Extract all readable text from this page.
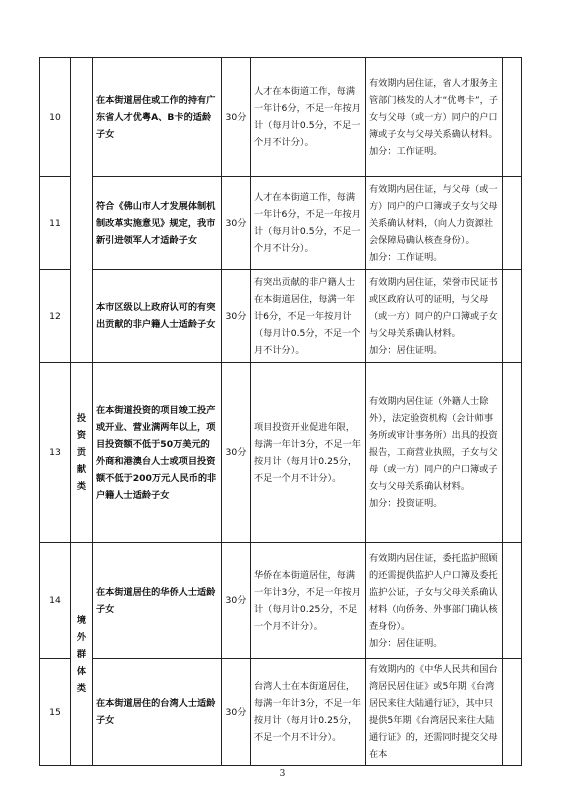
10		在本街道居住或工作的持有广东省人才优粤A、B卡的适龄子女	30分	人才在本街道工作，每满一年计6分，不足一年按月计（每月计0.5分，不足一个月不计分）。	有效期内居住证，省人才服务主管部门核发的人才“优粤卡”，子女与父母（或一方）同户的户口簿或子女与父母关系确认材料。
加分：工作证明。	

11		符合《佛山市人才发展体制机制改革实施意见》规定，我市新引进领军人才适龄子女	30分	人才在本街道工作，每满一年计6分，不足一年按月计（每月计0.5分，不足一个月不计分）。	有效期内居住证，与父母（或一方）同户的户口簿或子女与父母关系确认材料，（向人力资源社会保障局确认核查身份）。
加分：工作证明。	

12		本市区级以上政府认可的有突出贡献的非户籍人士适龄子女	30分	有突出贡献的非户籍人士在本街道居住，每满一年计6分，不足一年按月计（每月计0.5分，不足一个月不计分）。	有效期内居住证，荣誉市民证书或区政府认可的证明，与父母（或一方）同户的户口簿或子女与父母关系确认材料。
加分：居住证明。	

13	投资贡献类	在本街道投资的项目竣工投产或开业、营业满两年以上，项目投资额不低于50万美元的外商和港澳台人士或项目投资额不低于200万元人民币的非户籍人士适龄子女	30分	项目投资开业促进年限，每满一年计3分，不足一年按月计（每月计0.25分，不足一个月不计分）。	有效期内居住证（外籍人士除外），法定验资机构（会计师事务所或审计事务所）出具的投资报告，工商营业执照，子女与父母（或一方）同户的户口簿或子女与父母关系确认材料。
加分：投资证明。	

14	境外群体类	在本街道居住的华侨人士适龄子女	30分	华侨在本街道居住，每满一年计3分，不足一年按月计（每月计0.25分，不足一个月不计分）。	有效期内居住证，委托监护照顾的还需提供监护人户口簿及委托监护公证，子女与父母关系确认材料（向侨务、外事部门确认核查身份）。
加分：居住证明。	

15		在本街道居住的台湾人士适龄子女	30分	台湾人士在本街道居住，每满一年计3分，不足一年按月计（每月计0.25分，不足一个月不计分）。	有效期内的《中华人民共和国台湾居民居住证》或5年期《台湾居民来往大陆通行证》，其中只提供5年期《台湾居民来往大陆通行证》的，还需同时提交父母在本	

3
